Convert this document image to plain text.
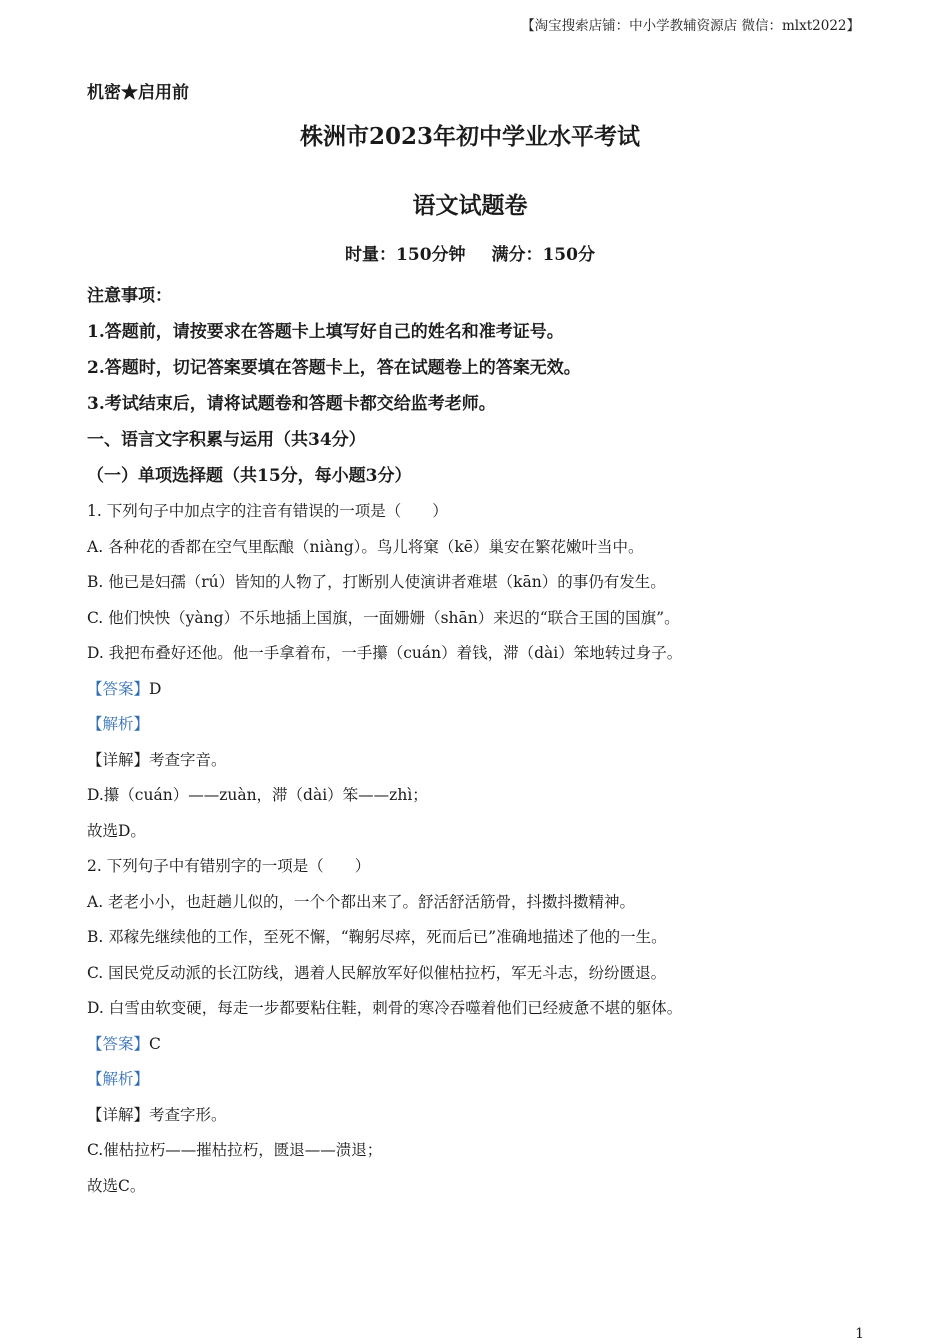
【淘宝搜索店铺：中小学教辅资源店 微信：mlxt2022】
机密★启用前
株洲市2023年初中学业水平考试
语文试题卷
时量：150分钟 满分：150分
注意事项：
1.答题前，请按要求在答题卡上填写好自己的姓名和准考证号。
2.答题时，切记答案要填在答题卡上，答在试题卷上的答案无效。
3.考试结束后，请将试题卷和答题卡都交给监考老师。
一、语言文字积累与运用（共34分）
（一）单项选择题（共15分，每小题3分）
1. 下列句子中加点字的注音有错误的一项是（　　）
A. 各种花的香都在空气里酝酿（niàng）。鸟儿将窠（kē）巢安在繁花嫩叶当中。
B. 他已是妇孺（rú）皆知的人物了，打断别人使演讲者难堪（kān）的事仍有发生。
C. 他们怏怏（yàng）不乐地插上国旗，一面姗姗（shān）来迟的“联合王国的国旗”。
D. 我把布叠好还他。他一手拿着布，一手攥（cuán）着钱，滞（dài）笨地转过身子。
【答案】D
【解析】
【详解】考查字音。
D.攥（cuán）——zuàn，滞（dài）笨——zhì；
故选D。
2. 下列句子中有错别字的一项是（　　）
A. 老老小小，也赶趟儿似的，一个个都出来了。舒活舒活筋骨，抖擞抖擞精神。
B. 邓稼先继续他的工作，至死不懈，“鞠躬尽瘁，死而后已”准确地描述了他的一生。
C. 国民党反动派的长江防线，遇着人民解放军好似催枯拉朽，军无斗志，纷纷匮退。
D. 白雪由软变硬，每走一步都要粘住鞋，刺骨的寒冷吞噬着他们已经疲惫不堪的躯体。
【答案】C
【解析】
【详解】考查字形。
C.催枯拉朽——摧枯拉朽，匮退——溃退；
故选C。
1
